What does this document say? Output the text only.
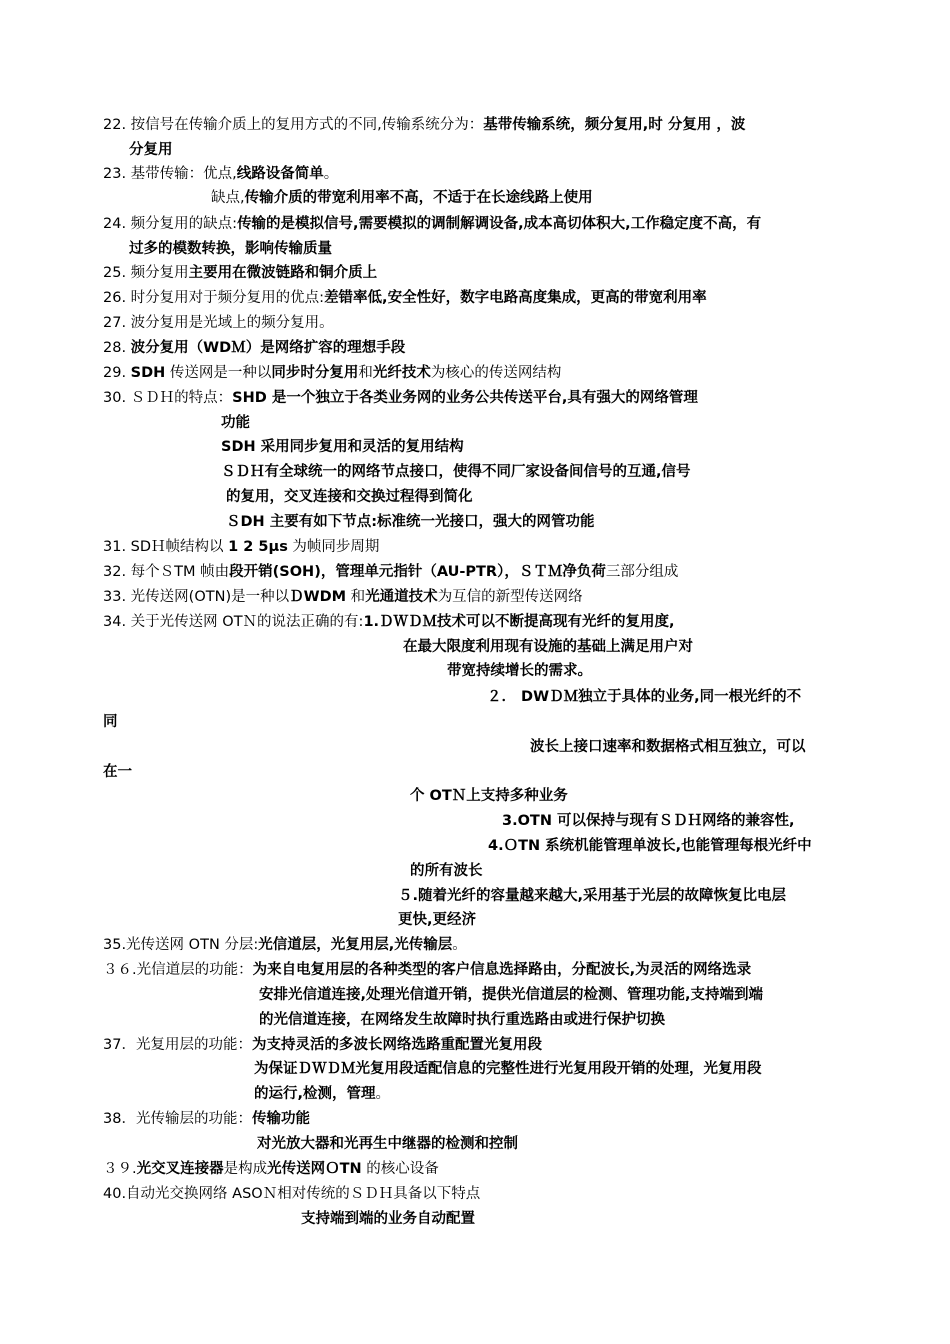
22. 按信号在传输介质上的复用方式的不同,传输系统分为：基带传输系统，频分复用,时 分复用 ，波
分复用
23. 基带传输：优点,线路设备简单。
缺点,传输介质的带宽利用率不高，不适于在长途线路上使用
24. 频分复用的缺点:传输的是模拟信号,需要模拟的调制解调设备,成本高切体积大,工作稳定度不高，有
过多的模数转换，影响传输质量
25. 频分复用主要用在微波链路和铜介质上
26. 时分复用对于频分复用的优点:差错率低,安全性好，数字电路高度集成，更高的带宽利用率
27. 波分复用是光域上的频分复用。
28. 波分复用（WDＭ）是网络扩容的理想手段
29. SDH 传送网是一种以同步时分复用和光纤技术为核心的传送网结构
30. ＳＤＨ的特点：SHD 是一个独立于各类业务网的业务公共传送平台,具有强大的网络管理
功能
SDH 采用同步复用和灵活的复用结构
ＳＤＨ有全球统一的网络节点接口，使得不同厂家设备间信号的互通,信号
的复用，交叉连接和交换过程得到简化
ＳDH 主要有如下节点:标准统一光接口，强大的网管功能
31. SDＨ帧结构以 1 2 5μs 为帧同步周期
32. 每个ＳTM 帧由段开销(SOH)，管理单元指针（AU-PTR），ＳＴＭ净负荷三部分组成
33. 光传送网(OTN)是一种以ＤWDM 和光通道技术为互信的新型传送网络
34. 关于光传送网 OTＮ的说法正确的有:1.ＤＷＤＭ技术可以不断提高现有光纤的复用度,
在最大限度利用现有设施的基础上满足用户对
带宽持续增长的需求。
２． DWＤＭ独立于具体的业务,同一根光纤的不
同
波长上接口速率和数据格式相互独立，可以
在一
个 OTＮ上支持多种业务
3.OTN 可以保持与现有ＳＤＨ网络的兼容性,
4.ＯTN 系统机能管理单波长,也能管理每根光纤中
的所有波长
５.随着光纤的容量越来越大,采用基于光层的故障恢复比电层
更快,更经济
35.光传送网 OTN 分层:光信道层，光复用层,光传输层。
３６.光信道层的功能：为来自电复用层的各种类型的客户信息选择路由，分配波长,为灵活的网络选录
安排光信道连接,处理光信道开销，提供光信道层的检测、管理功能,支持端到端
的光信道连接，在网络发生故障时执行重选路由或进行保护切换
37．光复用层的功能：为支持灵活的多波长网络选路重配置光复用段
为保证ＤＷＤＭ光复用段适配信息的完整性进行光复用段开销的处理，光复用段
的运行,检测，管理。
38．光传输层的功能：传输功能
对光放大器和光再生中继器的检测和控制
３９.光交叉连接器是构成光传送网ＯTN 的核心设备
40.自动光交换网络 ASOＮ相对传统的ＳＤＨ具备以下特点
支持端到端的业务自动配置
